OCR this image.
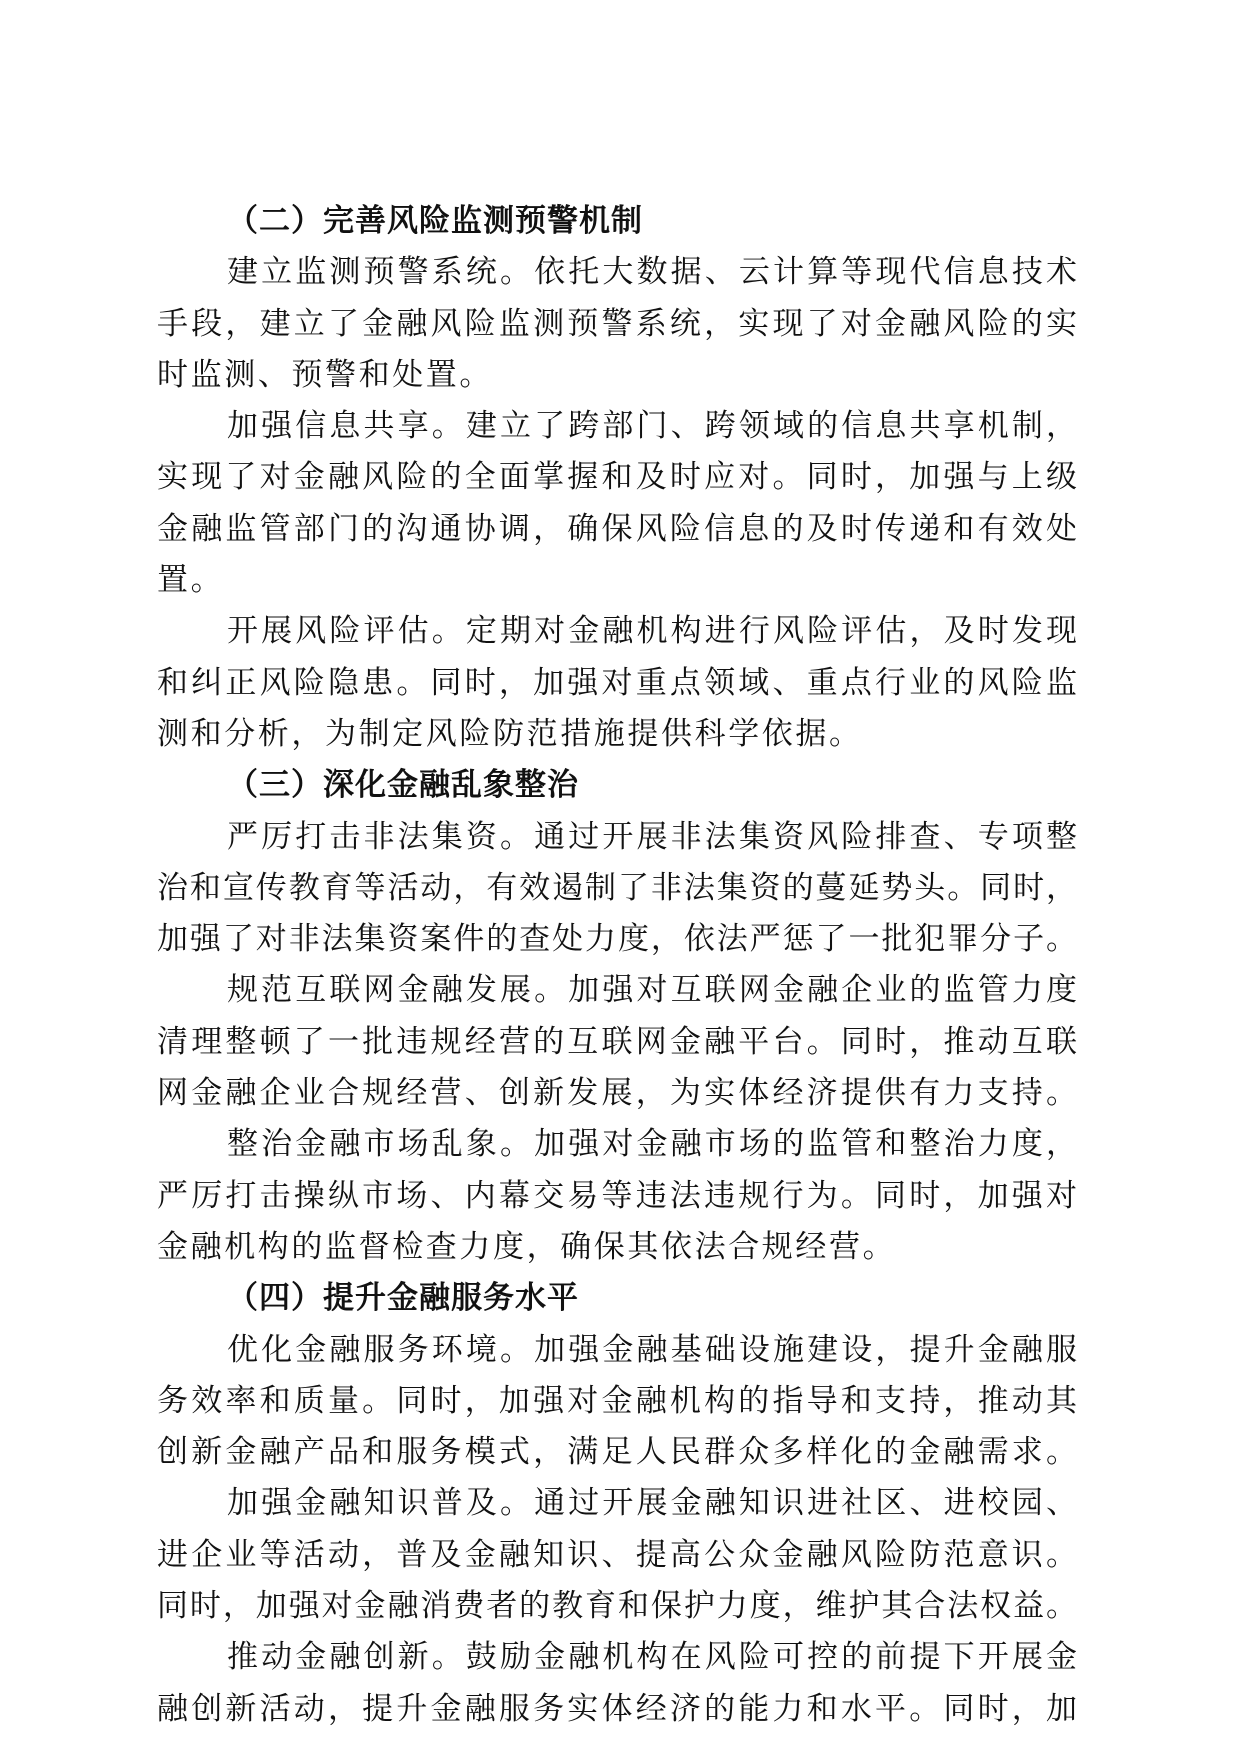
（二）完善风险监测预警机制
建立监测预警系统。依托大数据、云计算等现代信息技术
手段，建立了金融风险监测预警系统，实现了对金融风险的实
时监测、预警和处置。
加强信息共享。建立了跨部门、跨领域的信息共享机制，
实现了对金融风险的全面掌握和及时应对。同时，加强与上级
金融监管部门的沟通协调，确保风险信息的及时传递和有效处
置。
开展风险评估。定期对金融机构进行风险评估，及时发现
和纠正风险隐患。同时，加强对重点领域、重点行业的风险监
测和分析，为制定风险防范措施提供科学依据。
（三）深化金融乱象整治
严厉打击非法集资。通过开展非法集资风险排查、专项整
治和宣传教育等活动，有效遏制了非法集资的蔓延势头。同时，
加强了对非法集资案件的查处力度，依法严惩了一批犯罪分子。
规范互联网金融发展。加强对互联网金融企业的监管力度
清理整顿了一批违规经营的互联网金融平台。同时，推动互联
网金融企业合规经营、创新发展，为实体经济提供有力支持。
整治金融市场乱象。加强对金融市场的监管和整治力度，
严厉打击操纵市场、内幕交易等违法违规行为。同时，加强对
金融机构的监督检查力度，确保其依法合规经营。
（四）提升金融服务水平
优化金融服务环境。加强金融基础设施建设，提升金融服
务效率和质量。同时，加强对金融机构的指导和支持，推动其
创新金融产品和服务模式，满足人民群众多样化的金融需求。
加强金融知识普及。通过开展金融知识进社区、进校园、
进企业等活动，普及金融知识、提高公众金融风险防范意识。
同时，加强对金融消费者的教育和保护力度，维护其合法权益。
推动金融创新。鼓励金融机构在风险可控的前提下开展金
融创新活动，提升金融服务实体经济的能力和水平。同时，加
